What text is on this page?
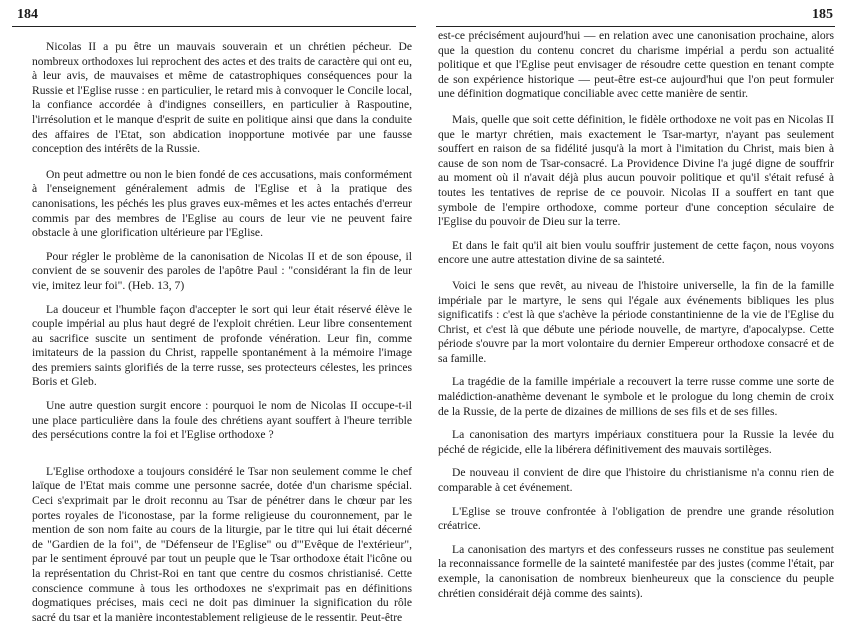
184

Nicolas II a pu être un mauvais souverain et un chrétien pécheur. De nombreux orthodoxes lui reprochent des actes et des traits de caractère qui ont eu, à leur avis, de mauvaises et même de catastrophiques conséquences pour la Russie et l'Eglise russe : en particulier, le retard mis à convoquer le Concile local, la confiance accordée à d'indignes conseillers, en particulier à Raspoutine, l'irrésolution et le manque d'esprit de suite en politique ainsi que dans la conduite des affaires de l'Etat, son abdication inopportune motivée par une fausse conception des intérêts de la Russie.

On peut admettre ou non le bien fondé de ces accusations, mais conformément à l'enseignement généralement admis de l'Eglise et à la pratique des canonisations, les péchés les plus graves eux-mêmes et les actes entachés d'erreur commis par des membres de l'Eglise au cours de leur vie ne peuvent faire obstacle à une glorification ultérieure par l'Eglise.

Pour régler le problème de la canonisation de Nicolas II et de son épouse, il convient de se souvenir des paroles de l'apôtre Paul : "considérant la fin de leur vie, imitez leur foi". (Heb. 13, 7)

La douceur et l'humble façon d'accepter le sort qui leur était réservé élève le couple impérial au plus haut degré de l'exploit chrétien. Leur libre consentement au sacrifice suscite un sentiment de profonde vénération. Leur fin, comme imitateurs de la passion du Christ, rappelle spontanément à la mémoire l'image des premiers saints glorifiés de la terre russe, ses protecteurs célestes, les princes Boris et Gleb.

Une autre question surgit encore : pourquoi le nom de Nicolas II occupe-t-il une place particulière dans la foule des chrétiens ayant souffert à l'heure terrible des persécutions contre la foi et l'Eglise orthodoxe ?

L'Eglise orthodoxe a toujours considéré le Tsar non seulement comme le chef laïque de l'Etat mais comme une personne sacrée, dotée d'un charisme spécial. Ceci s'exprimait par le droit reconnu au Tsar de pénétrer dans le chœur par les portes royales de l'iconostase, par la forme religieuse du couronnement, par le mention de son nom faite au cours de la liturgie, par le titre qui lui était décerné de "Gardien de la foi", de "Défenseur de l'Eglise" ou d'"Evêque de l'extérieur", par le sentiment éprouvé par tout un peuple que le Tsar orthodoxe était l'icône ou la représentation du Christ-Roi en tant que centre du cosmos christianisé. Cette conscience commune à tous les orthodoxes ne s'exprimait pas en définitions dogmatiques précises, mais ceci ne doit pas diminuer la signification du rôle sacré du tsar et la manière incontestablement religieuse de le ressentir. Peut-être

185

est-ce précisément aujourd'hui — en relation avec une canonisation prochaine, alors que la question du contenu concret du charisme impérial a perdu son actualité politique et que l'Eglise peut envisager de résoudre cette question en tenant compte de son expérience historique — peut-être est-ce aujourd'hui que l'on peut formuler une définition dogmatique conciliable avec cette manière de sentir.

Mais, quelle que soit cette définition, le fidèle orthodoxe ne voit pas en Nicolas II que le martyr chrétien, mais exactement le Tsar-martyr, n'ayant pas seulement souffert en raison de sa fidélité jusqu'à la mort à l'imitation du Christ, mais bien à cause de son nom de Tsar-consacré. La Providence Divine l'a jugé digne de souffrir au moment où il n'avait déjà plus aucun pouvoir politique et qu'il s'était refusé à toutes les tentatives de reprise de ce pouvoir. Nicolas II a souffert en tant que symbole de l'empire orthodoxe, comme porteur d'une conception séculaire de l'Eglise du pouvoir de Dieu sur la terre.

Et dans le fait qu'il ait bien voulu souffrir justement de cette façon, nous voyons encore une autre attestation divine de sa sainteté.

Voici le sens que revêt, au niveau de l'histoire universelle, la fin de la famille impériale par le martyre, le sens qui l'égale aux événements bibliques les plus significatifs : c'est là que s'achève la période constantinienne de la vie de l'Eglise du Christ, et c'est là que débute une période nouvelle, de martyre, d'apocalypse. Cette période s'ouvre par la mort volontaire du dernier Empereur orthodoxe consacré et de sa famille.

La tragédie de la famille impériale a recouvert la terre russe comme une sorte de malédiction-anathème devenant le symbole et le prologue du long chemin de croix de la Russie, de la perte de dizaines de millions de ses fils et de ses filles.

La canonisation des martyrs impériaux constituera pour la Russie la levée du péché de régicide, elle la libérera définitivement des mauvais sortilèges.

De nouveau il convient de dire que l'histoire du christianisme n'a connu rien de comparable à cet événement.

L'Eglise se trouve confrontée à l'obligation de prendre une grande résolution créatrice.

La canonisation des martyrs et des confesseurs russes ne constitue pas seulement la reconnaissance formelle de la sainteté manifestée par des justes (comme l'était, par exemple, la canonisation de nombreux bienheureux que la conscience du peuple chrétien considérait déjà comme des saints).
